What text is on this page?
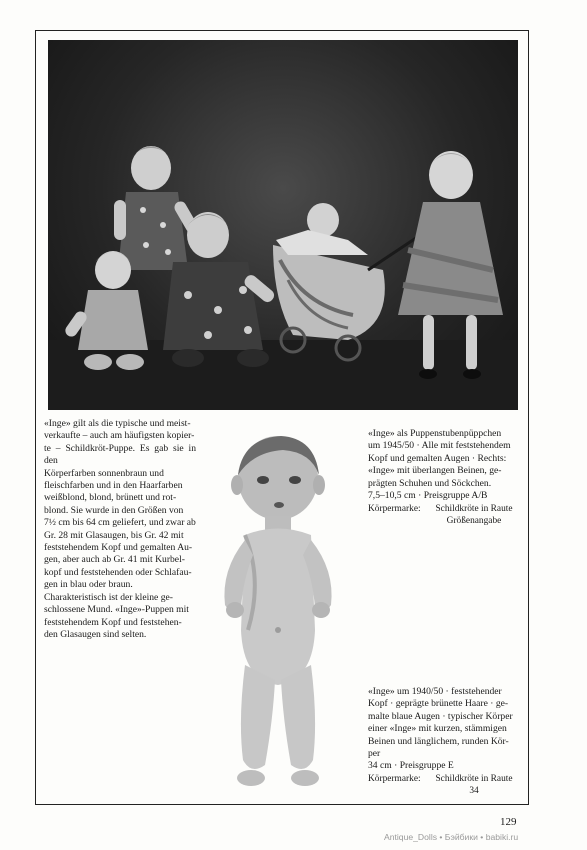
«Inge» gilt als die typische und meist-
verkaufte – auch am häufigsten kopier-
te – Schildkröt-Puppe. Es gab sie in den
Körperfarben sonnenbraun und
fleischfarben und in den Haarfarben
weißblond, blond, brünett und rot-
blond. Sie wurde in den Größen von
7½ cm bis 64 cm geliefert, und zwar ab
Gr. 28 mit Glasaugen, bis Gr. 42 mit
feststehendem Kopf und gemalten Au-
gen, aber auch ab Gr. 41 mit Kurbel-
kopf und feststehenden oder Schlafau-
gen in blau oder braun.
Charakteristisch ist der kleine ge-
schlossene Mund. «Inge»-Puppen mit
feststehendem Kopf und feststehen-
den Glasaugen sind selten.

«Inge» als Puppenstubenpüppchen
um 1945/50 · Alle mit feststehendem
Kopf und gemalten Augen · Rechts:
«Inge» mit überlangen Beinen, ge-
prägten Schuhen und Söckchen.
7,5–10,5 cm · Preisgruppe A/B

Körpermarke:	Schildkröte in Raute
Größenangabe

«Inge» um 1940/50 · feststehender
Kopf · geprägte brünette Haare · ge-
malte blaue Augen · typischer Körper
einer «Inge» mit kurzen, stämmigen
Beinen und länglichem, runden Kör-
per
34 cm · Preisgruppe E

Körpermarke:	Schildkröte in Raute
34
129
Antique_Dolls • Бэйбики • babiki.ru
